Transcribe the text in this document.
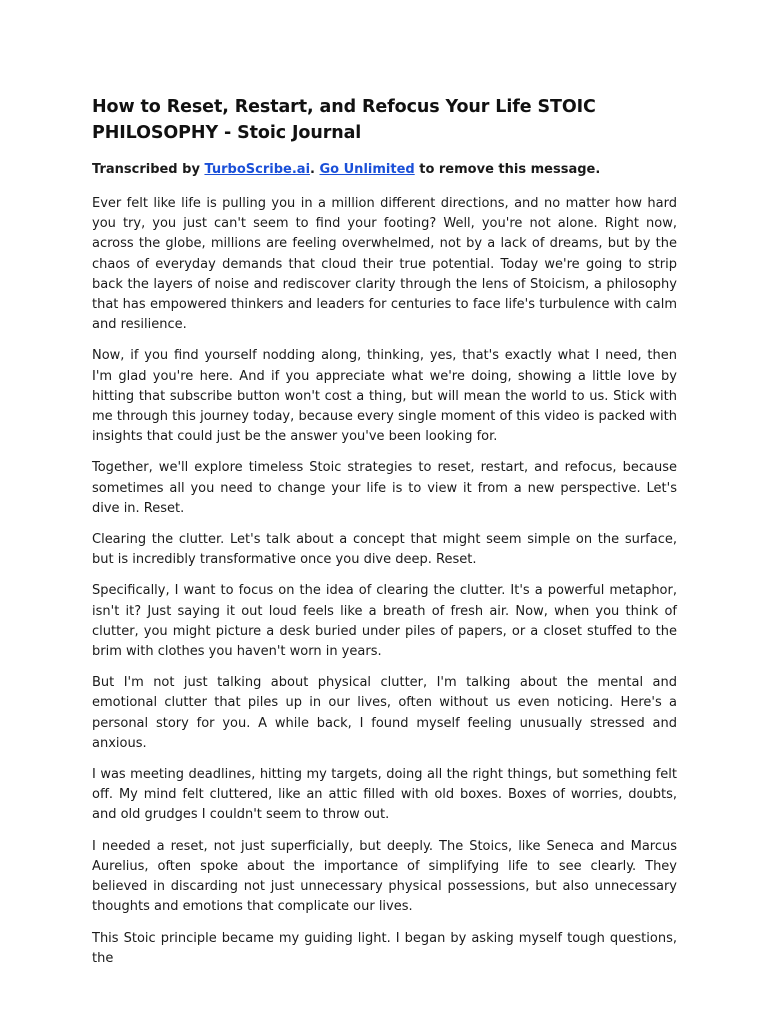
How to Reset, Restart, and Refocus Your Life STOIC PHILOSOPHY - Stoic Journal

Transcribed by TurboScribe.ai. Go Unlimited to remove this message.

Ever felt like life is pulling you in a million different directions, and no matter how hard you try, you just can't seem to find your footing? Well, you're not alone. Right now, across the globe, millions are feeling overwhelmed, not by a lack of dreams, but by the chaos of everyday demands that cloud their true potential. Today we're going to strip back the layers of noise and rediscover clarity through the lens of Stoicism, a philosophy that has empowered thinkers and leaders for centuries to face life's turbulence with calm and resilience.

Now, if you find yourself nodding along, thinking, yes, that's exactly what I need, then I'm glad you're here. And if you appreciate what we're doing, showing a little love by hitting that subscribe button won't cost a thing, but will mean the world to us. Stick with me through this journey today, because every single moment of this video is packed with insights that could just be the answer you've been looking for.

Together, we'll explore timeless Stoic strategies to reset, restart, and refocus, because sometimes all you need to change your life is to view it from a new perspective. Let's dive in. Reset.

Clearing the clutter. Let's talk about a concept that might seem simple on the surface, but is incredibly transformative once you dive deep. Reset.

Specifically, I want to focus on the idea of clearing the clutter. It's a powerful metaphor, isn't it? Just saying it out loud feels like a breath of fresh air. Now, when you think of clutter, you might picture a desk buried under piles of papers, or a closet stuffed to the brim with clothes you haven't worn in years.

But I'm not just talking about physical clutter, I'm talking about the mental and emotional clutter that piles up in our lives, often without us even noticing. Here's a personal story for you. A while back, I found myself feeling unusually stressed and anxious.

I was meeting deadlines, hitting my targets, doing all the right things, but something felt off. My mind felt cluttered, like an attic filled with old boxes. Boxes of worries, doubts, and old grudges I couldn't seem to throw out.

I needed a reset, not just superficially, but deeply. The Stoics, like Seneca and Marcus Aurelius, often spoke about the importance of simplifying life to see clearly. They believed in discarding not just unnecessary physical possessions, but also unnecessary thoughts and emotions that complicate our lives.

This Stoic principle became my guiding light. I began by asking myself tough questions, the
